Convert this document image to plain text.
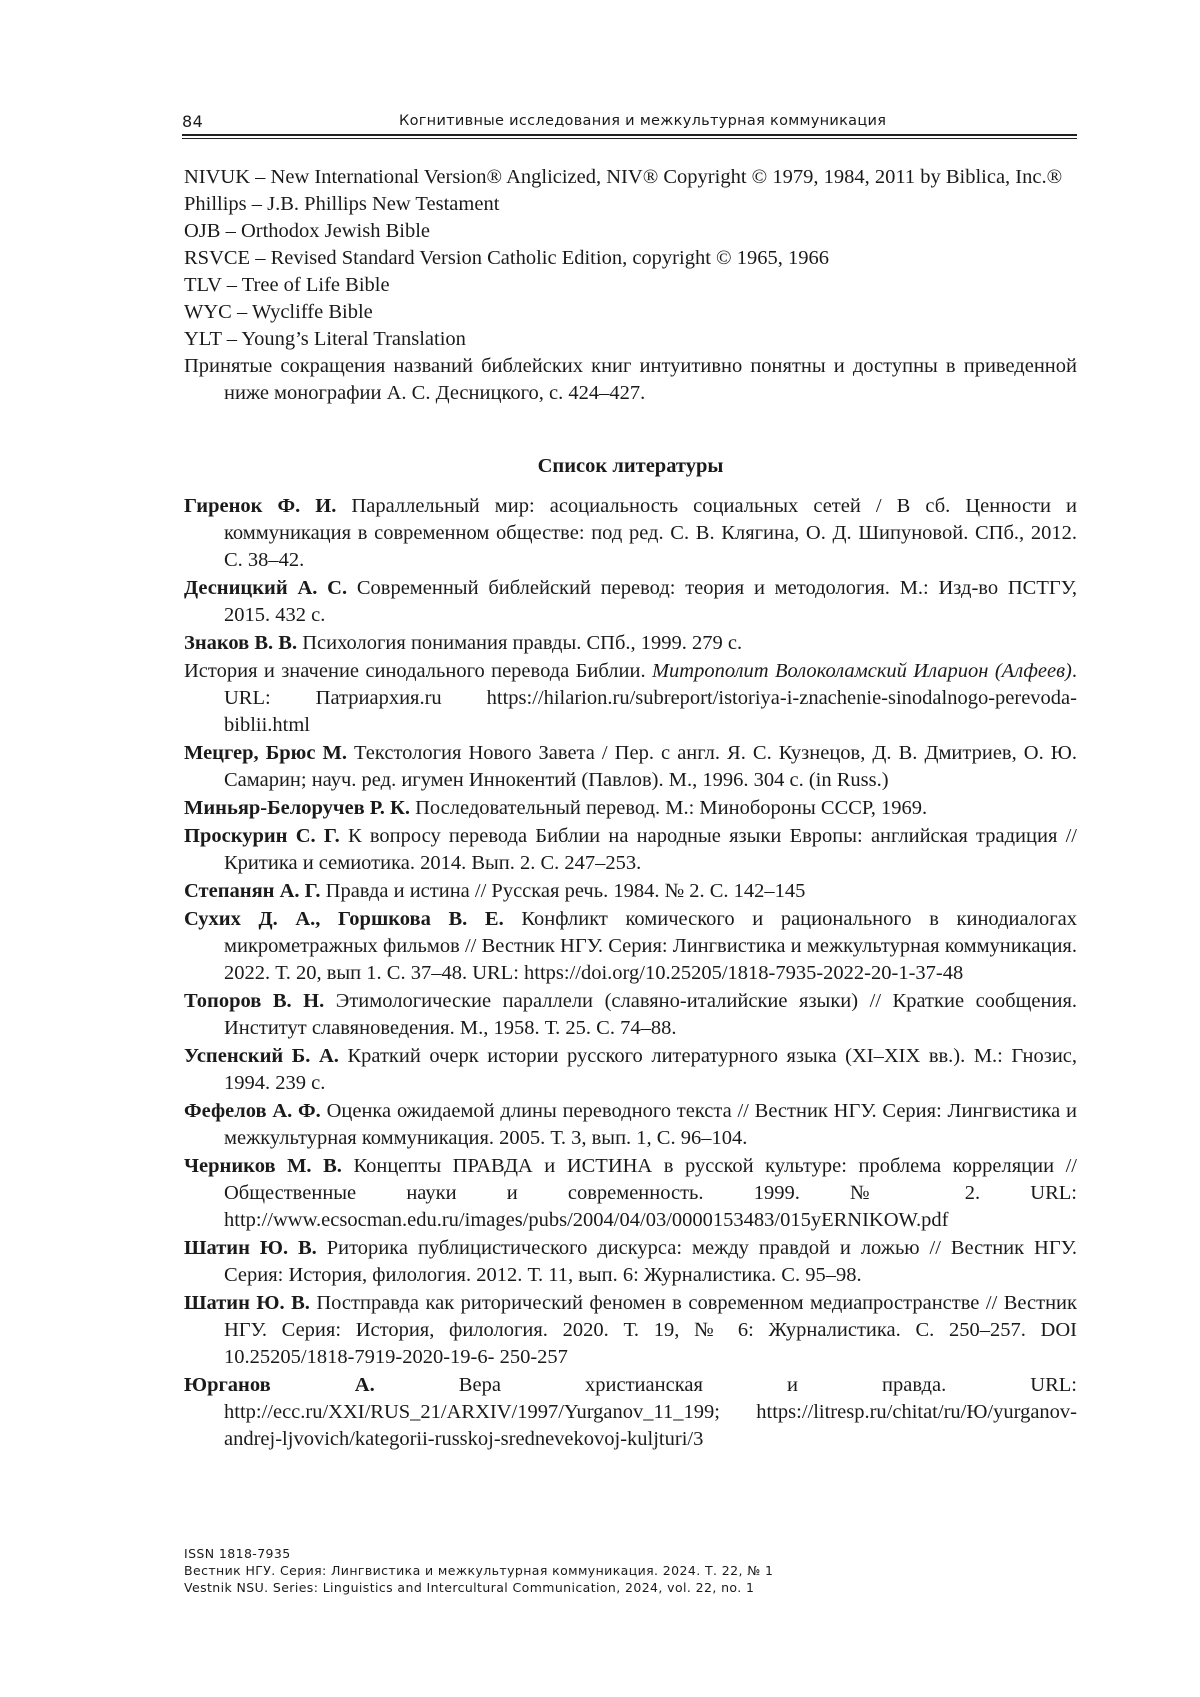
84	Когнитивные исследования и межкультурная коммуникация
NIVUK – New International Version® Anglicized, NIV® Copyright © 1979, 1984, 2011 by Biblica, Inc.®
Phillips – J.B. Phillips New Testament
OJB – Orthodox Jewish Bible
RSVCE – Revised Standard Version Catholic Edition, copyright © 1965, 1966
TLV – Tree of Life Bible
WYC – Wycliffe Bible
YLT – Young’s Literal Translation
Принятые сокращения названий библейских книг интуитивно понятны и доступны в приведенной ниже монографии А. С. Десницкого, с. 424–427.
Список литературы
Гиренок Ф. И. Параллельный мир: асоциальность социальных сетей / В сб. Ценности и коммуникация в современном обществе: под ред. С. В. Клягина, О. Д. Шипуновой. СПб., 2012. С. 38–42.
Десницкий А. С. Современный библейский перевод: теория и методология. М.: Изд-во ПСТГУ, 2015. 432 с.
Знаков В. В. Психология понимания правды. СПб., 1999. 279 с.
История и значение синодального перевода Библии. Митрополит Волоколамский Иларион (Алфеев). URL: Патриархия.ru https://hilarion.ru/subreport/istoriya-i-znachenie-sinodalnogo-perevoda-biblii.html
Мецгер, Брюс М. Текстология Нового Завета / Пер. с англ. Я. С. Кузнецов, Д. В. Дмитриев, О. Ю. Самарин; науч. ред. игумен Иннокентий (Павлов). М., 1996. 304 с. (in Russ.)
Миньяр-Белоручев Р. К. Последовательный перевод. М.: Минобороны СССР, 1969.
Проскурин С. Г. К вопросу перевода Библии на народные языки Европы: английская традиция // Критика и семиотика. 2014. Вып. 2. С. 247–253.
Степанян А. Г. Правда и истина // Русская речь. 1984. № 2. С. 142–145
Сухих Д. А., Горшкова В. Е. Конфликт комического и рационального в кинодиалогах микрометражных фильмов // Вестник НГУ. Серия: Лингвистика и межкультурная коммуникация. 2022. Т. 20, вып 1. С. 37–48. URL: https://doi.org/10.25205/1818-7935-2022-20-1-37-48
Топоров В. Н. Этимологические параллели (славяно-италийские языки) // Краткие сообщения. Институт славяноведения. М., 1958. Т. 25. С. 74–88.
Успенский Б. А. Краткий очерк истории русского литературного языка (XI–XIX вв.). М.: Гнозис, 1994. 239 с.
Фефелов А. Ф. Оценка ожидаемой длины переводного текста // Вестник НГУ. Серия: Лингвистика и межкультурная коммуникация. 2005. Т. 3, вып. 1, С. 96–104.
Черников М. В. Концепты ПРАВДА и ИСТИНА в русской культуре: проблема корреляции // Общественные науки и современность. 1999. № 2. URL: http://www.ecsocman.edu.ru/images/pubs/2004/04/03/0000153483/015yERNIKOW.pdf
Шатин Ю. В. Риторика публицистического дискурса: между правдой и ложью // Вестник НГУ. Серия: История, филология. 2012. Т. 11, вып. 6: Журналистика. С. 95–98.
Шатин Ю. В. Постправда как риторический феномен в современном медиапространстве // Вестник НГУ. Серия: История, филология. 2020. Т. 19, № 6: Журналистика. С. 250–257. DOI 10.25205/1818-7919-2020-19-6- 250-257
Юрганов А. Вера христианская и правда. URL: http://ecc.ru/XXI/RUS_21/ARXIV/1997/Yurganov_11_199; https://litresp.ru/chitat/ru/Ю/yurganov-andrej-ljvovich/kategorii-russkoj-srednevekovoj-kuljturi/3
ISSN 1818-7935
Вестник НГУ. Серия: Лингвистика и межкультурная коммуникация. 2024. Т. 22, № 1
Vestnik NSU. Series: Linguistics and Intercultural Communication, 2024, vol. 22, no. 1
